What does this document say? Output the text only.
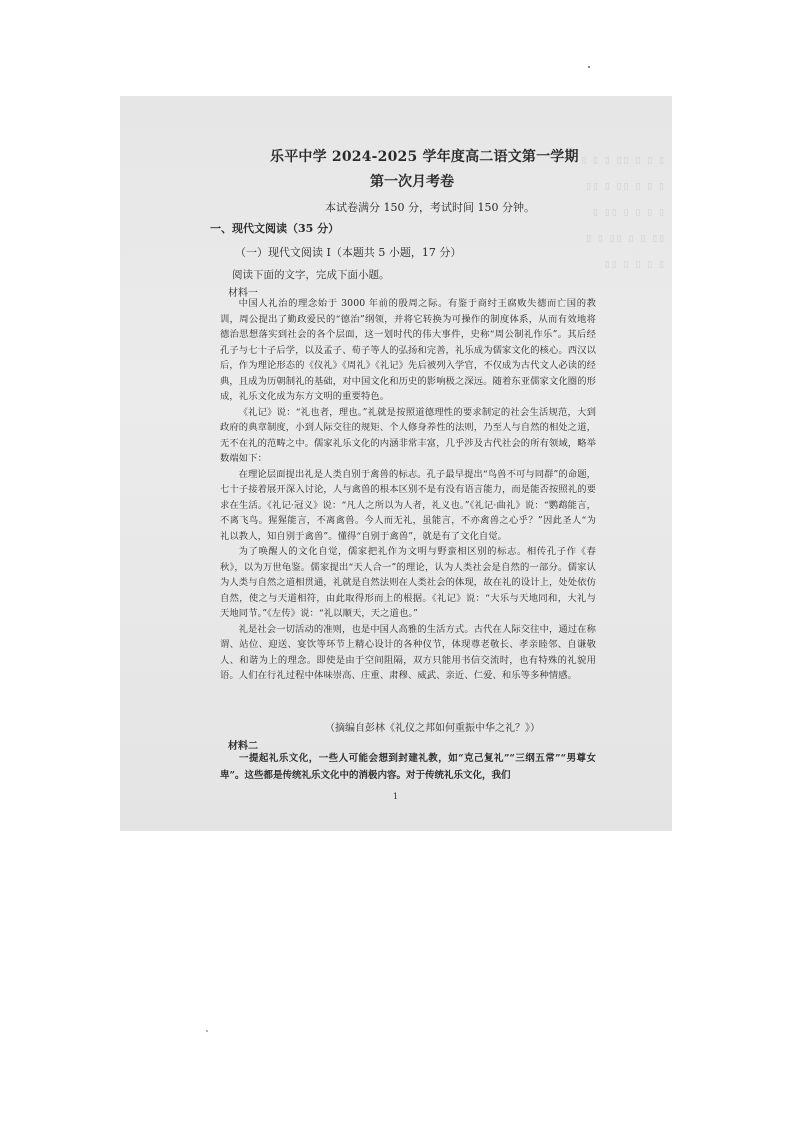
▯ ▯ ▯ ▯▯ ▯ ▯ ▯
▯▯ ▯ ▯▯ ▯ ▯ ▯
▯ ▯▯ ▯ ▯ ▯ ▯
▯ ▯ ▯▯ ▯ ▯ ▯▯
▯▯ ▯ ▯ ▯ ▯
乐平中学 2024-2025 学年度高二语文第一学期
第一次月考卷
本试卷满分 150 分，考试时间 150 分钟。
一、现代文阅读（35 分）
（一）现代文阅读 I（本题共 5 小题，17 分）
阅读下面的文字，完成下面小题。
材料一

中国人礼治的理念始于 3000 年前的殷周之际。有鉴于商纣王腐败失德而亡国的教训，周公提出了勤政爱民的“德治”纲领，并将它转换为可操作的制度体系，从而有效地将德治思想落实到社会的各个层面，这一划时代的伟大事件，史称“周公制礼作乐”。其后经孔子与七十子后学，以及孟子、荀子等人的弘扬和完善，礼乐成为儒家文化的核心。西汉以后，作为理论形态的《仪礼》《周礼》《礼记》先后被列入学官，不仅成为古代文人必读的经典，且成为历朝制礼的基础，对中国文化和历史的影响极之深远。随着东亚儒家文化圈的形成，礼乐文化成为东方文明的重要特色。

《礼记》说：“礼也者，理也。”礼就是按照道德理性的要求制定的社会生活规范，大到政府的典章制度，小到人际交往的规矩、个人修身养性的法则，乃至人与自然的相处之道，无不在礼的范畴之中。儒家礼乐文化的内涵非常丰富，几乎涉及古代社会的所有领域，略举数端如下：

在理论层面提出礼是人类自别于禽兽的标志。孔子最早提出“鸟兽不可与同群”的命题，七十子接着展开深入讨论，人与禽兽的根本区别不是有没有语言能力，而是能否按照礼的要求在生活。《礼记·冠义》说：“凡人之所以为人者，礼义也。”《礼记·曲礼》说：“鹦鹉能言，不离飞鸟。猩猩能言，不离禽兽。今人而无礼，虽能言，不亦禽兽之心乎？”因此圣人“为礼以教人，知自别于禽兽”。懂得“自别于禽兽”，就是有了文化自觉。

为了唤醒人的文化自觉，儒家把礼作为文明与野蛮相区别的标志。相传孔子作《春秋》，以为万世龟鉴。儒家提出“天人合一”的理论，认为人类社会是自然的一部分。儒家认为人类与自然之道相贯通，礼就是自然法则在人类社会的体现，故在礼的设计上，处处依仿自然，使之与天道相符，由此取得形而上的根据。《礼记》说：“大乐与天地同和，大礼与天地同节。”《左传》说：“礼以顺天，天之道也。”

礼是社会一切活动的准则，也是中国人高雅的生活方式。古代在人际交往中，通过在称谓、站位、迎送、宴饮等环节上精心设计的各种仪节，体现尊老敬长、孝亲睦邻、自谦敬人、和谐为上的理念。即使是由于空间阻隔，双方只能用书信交流时，也有特殊的礼貌用语。人们在行礼过程中体味崇高、庄重、肃穆、威武、亲近、仁爱、和乐等多种情感。

（摘编自彭林《礼仪之邦如何重振中华之礼？》）
材料二

一提起礼乐文化，一些人可能会想到封建礼教，如“克己复礼”“三纲五常”“男尊女卑”。这些都是传统礼乐文化中的消极内容。对于传统礼乐文化，我们

1
